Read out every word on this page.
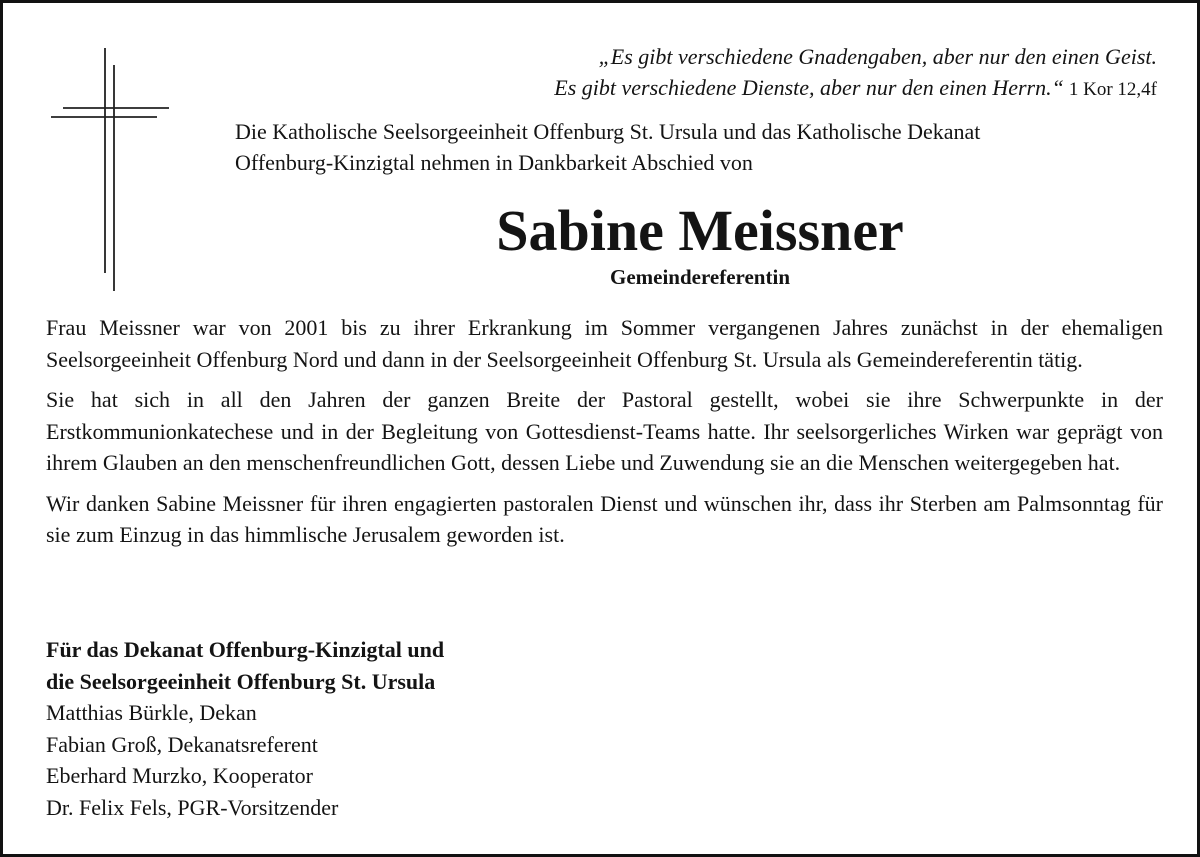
„Es gibt verschiedene Gnadengaben, aber nur den einen Geist.
Es gibt verschiedene Dienste, aber nur den einen Herrn.“ 1 Kor 12,4f
Die Katholische Seelsorgeeinheit Offenburg St. Ursula und das Katholische Dekanat
Offenburg-Kinzigtal nehmen in Dankbarkeit Abschied von
Sabine Meissner
Gemeindereferentin

Frau Meissner war von 2001 bis zu ihrer Erkrankung im Sommer vergangenen Jahres zunächst in der ehemaligen Seelsorgeeinheit Offenburg Nord und dann in der Seelsorgeeinheit Offenburg St. Ursula als Gemeindereferentin tätig.

Sie hat sich in all den Jahren der ganzen Breite der Pastoral gestellt, wobei sie ihre Schwerpunkte in der Erstkommunionkatechese und in der Begleitung von Gottesdienst-Teams hatte. Ihr seelsorgerliches Wirken war geprägt von ihrem Glauben an den menschenfreundlichen Gott, dessen Liebe und Zuwendung sie an die Menschen weitergegeben hat.

Wir danken Sabine Meissner für ihren engagierten pastoralen Dienst und wünschen ihr, dass ihr Sterben am Palmsonntag für sie zum Einzug in das himmlische Jerusalem geworden ist.

Für das Dekanat Offenburg-Kinzigtal und
die Seelsorgeeinheit Offenburg St. Ursula
Matthias Bürkle, Dekan
Fabian Groß, Dekanatsreferent
Eberhard Murzko, Kooperator
Dr. Felix Fels, PGR-Vorsitzender
